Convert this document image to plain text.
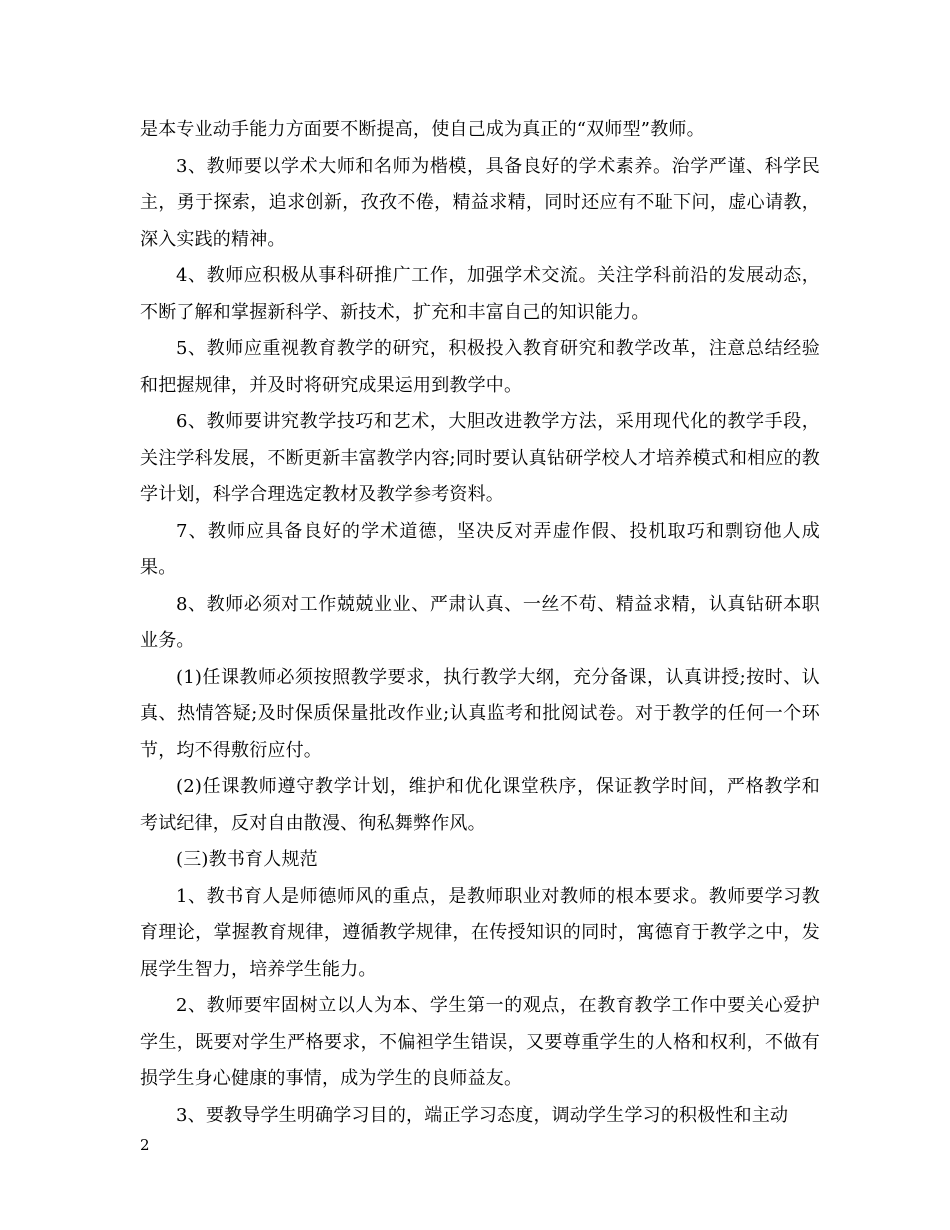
是本专业动手能力方面要不断提高，使自己成为真正的“双师型”教师。

3、教师要以学术大师和名师为楷模，具备良好的学术素养。治学严谨、科学民主，勇于探索，追求创新，孜孜不倦，精益求精，同时还应有不耻下问，虚心请教，深入实践的精神。

4、教师应积极从事科研推广工作，加强学术交流。关注学科前沿的发展动态，不断了解和掌握新科学、新技术，扩充和丰富自己的知识能力。

5、教师应重视教育教学的研究，积极投入教育研究和教学改革，注意总结经验和把握规律，并及时将研究成果运用到教学中。

6、教师要讲究教学技巧和艺术，大胆改进教学方法，采用现代化的教学手段，关注学科发展，不断更新丰富教学内容;同时要认真钻研学校人才培养模式和相应的教学计划，科学合理选定教材及教学参考资料。

7、教师应具备良好的学术道德，坚决反对弄虚作假、投机取巧和剽窃他人成果。

8、教师必须对工作兢兢业业、严肃认真、一丝不苟、精益求精，认真钻研本职业务。

(1)任课教师必须按照教学要求，执行教学大纲，充分备课，认真讲授;按时、认真、热情答疑;及时保质保量批改作业;认真监考和批阅试卷。对于教学的任何一个环节，均不得敷衍应付。

(2)任课教师遵守教学计划，维护和优化课堂秩序，保证教学时间，严格教学和考试纪律，反对自由散漫、徇私舞弊作风。

(三)教书育人规范

1、教书育人是师德师风的重点，是教师职业对教师的根本要求。教师要学习教育理论，掌握教育规律，遵循教学规律，在传授知识的同时，寓德育于教学之中，发展学生智力，培养学生能力。

2、教师要牢固树立以人为本、学生第一的观点，在教育教学工作中要关心爱护学生，既要对学生严格要求，不偏袒学生错误，又要尊重学生的人格和权利，不做有损学生身心健康的事情，成为学生的良师益友。

3、要教导学生明确学习目的，端正学习态度，调动学生学习的积极性和主动

2
